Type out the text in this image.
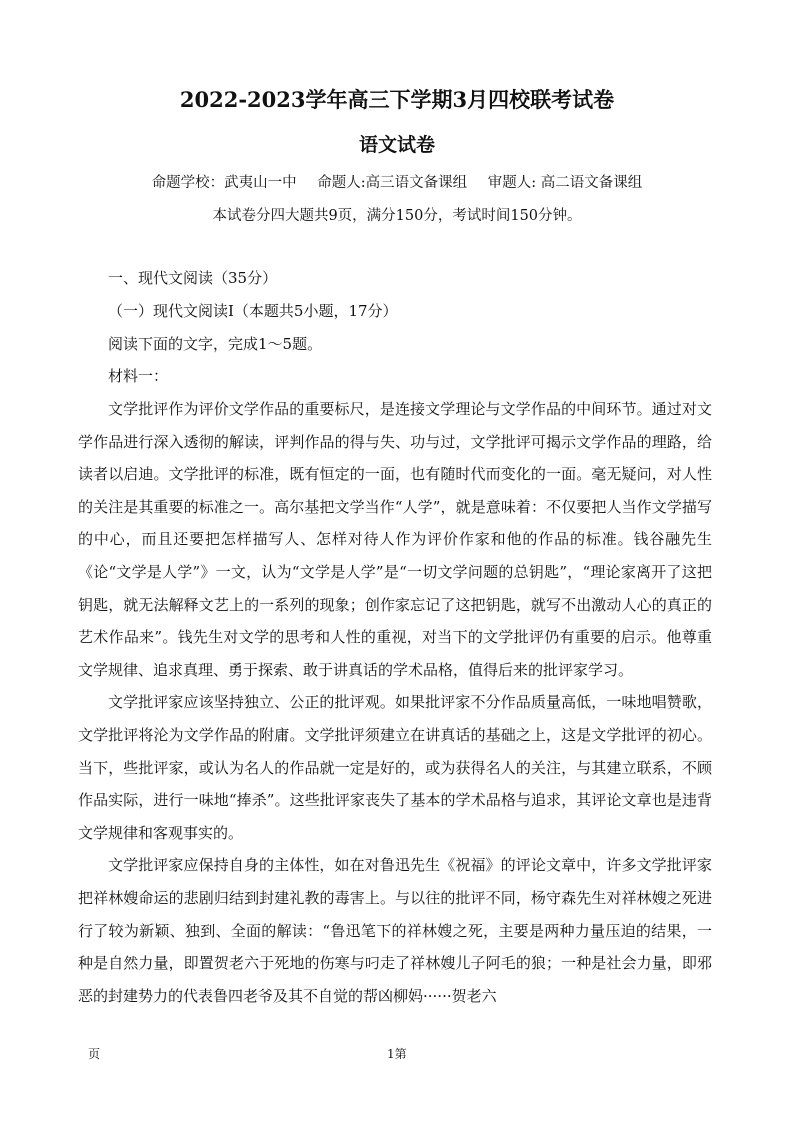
2022-2023学年高三下学期3月四校联考试卷
语文试卷
命题学校：武夷山一中 命题人:高三语文备课组 审题人: 高二语文备课组
本试卷分四大题共9页，满分150分，考试时间150分钟。
一、现代文阅读（35分）
（一）现代文阅读I（本题共5小题，17分）
阅读下面的文字，完成1～5题。
材料一：

文学批评作为评价文学作品的重要标尺，是连接文学理论与文学作品的中间环节。通过对文学作品进行深入透彻的解读，评判作品的得与失、功与过，文学批评可揭示文学作品的理路，给读者以启迪。文学批评的标准，既有恒定的一面，也有随时代而变化的一面。毫无疑问，对人性的关注是其重要的标准之一。高尔基把文学当作“人学”，就是意味着：不仅要把人当作文学描写的中心，而且还要把怎样描写人、怎样对待人作为评价作家和他的作品的标准。钱谷融先生《论“文学是人学”》一文，认为“文学是人学”是“一切文学问题的总钥匙”，“理论家离开了这把钥匙，就无法解释文艺上的一系列的现象；创作家忘记了这把钥匙，就写不出激动人心的真正的艺术作品来”。钱先生对文学的思考和人性的重视，对当下的文学批评仍有重要的启示。他尊重文学规律、追求真理、勇于探索、敢于讲真话的学术品格，值得后来的批评家学习。

文学批评家应该坚持独立、公正的批评观。如果批评家不分作品质量高低，一味地唱赞歌，文学批评将沦为文学作品的附庸。文学批评须建立在讲真话的基础之上，这是文学批评的初心。当下，些批评家，或认为名人的作品就一定是好的，或为获得名人的关注，与其建立联系，不顾作品实际，进行一味地“捧杀”。这些批评家丧失了基本的学术品格与追求，其评论文章也是违背文学规律和客观事实的。

文学批评家应保持自身的主体性，如在对鲁迅先生《祝福》的评论文章中，许多文学批评家把祥林嫂命运的悲剧归结到封建礼教的毒害上。与以往的批评不同，杨守森先生对祥林嫂之死进行了较为新颖、独到、全面的解读：“鲁迅笔下的祥林嫂之死，主要是两种力量压迫的结果，一种是自然力量，即置贺老六于死地的伤寒与叼走了祥林嫂儿子阿毛的狼；一种是社会力量，即邪恶的封建势力的代表鲁四老爷及其不自觉的帮凶柳妈······贺老六

页	1第
